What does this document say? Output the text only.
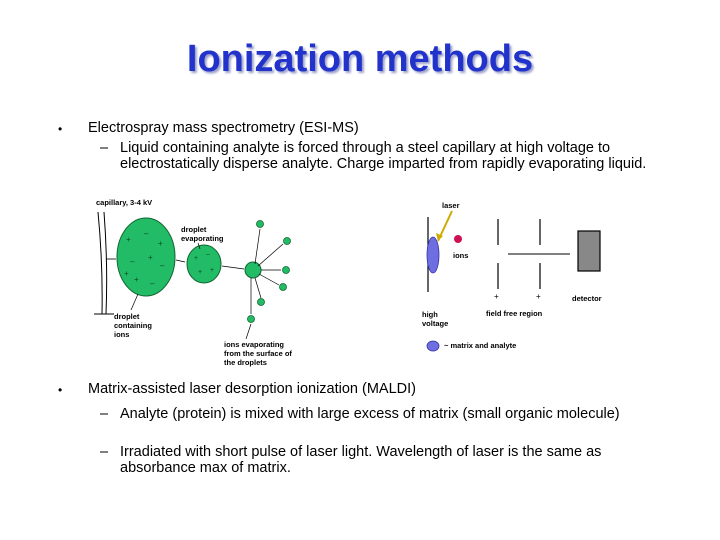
Ionization methods
• Electrospray mass spectrometry (ESI-MS)
– Liquid containing analyte is forced through a steel capillary at high voltage to electrostatically disperse analyte. Charge imparted from rapidly evaporating liquid.
capillary, 3-4 kV
+
–
+
– +
–
+ –
+
+
–
+ +
droplet
evaporating
droplet
containing
ions
ions evaporating
from the surface of
the droplets
laser
ions
+	+	detector
high
voltage
field free region
~ matrix and analyte
• Matrix-assisted laser desorption ionization (MALDI)
– Analyte (protein) is mixed with large excess of matrix (small organic molecule)
– Irradiated with short pulse of laser light. Wavelength of laser is the same as absorbance max of matrix.
